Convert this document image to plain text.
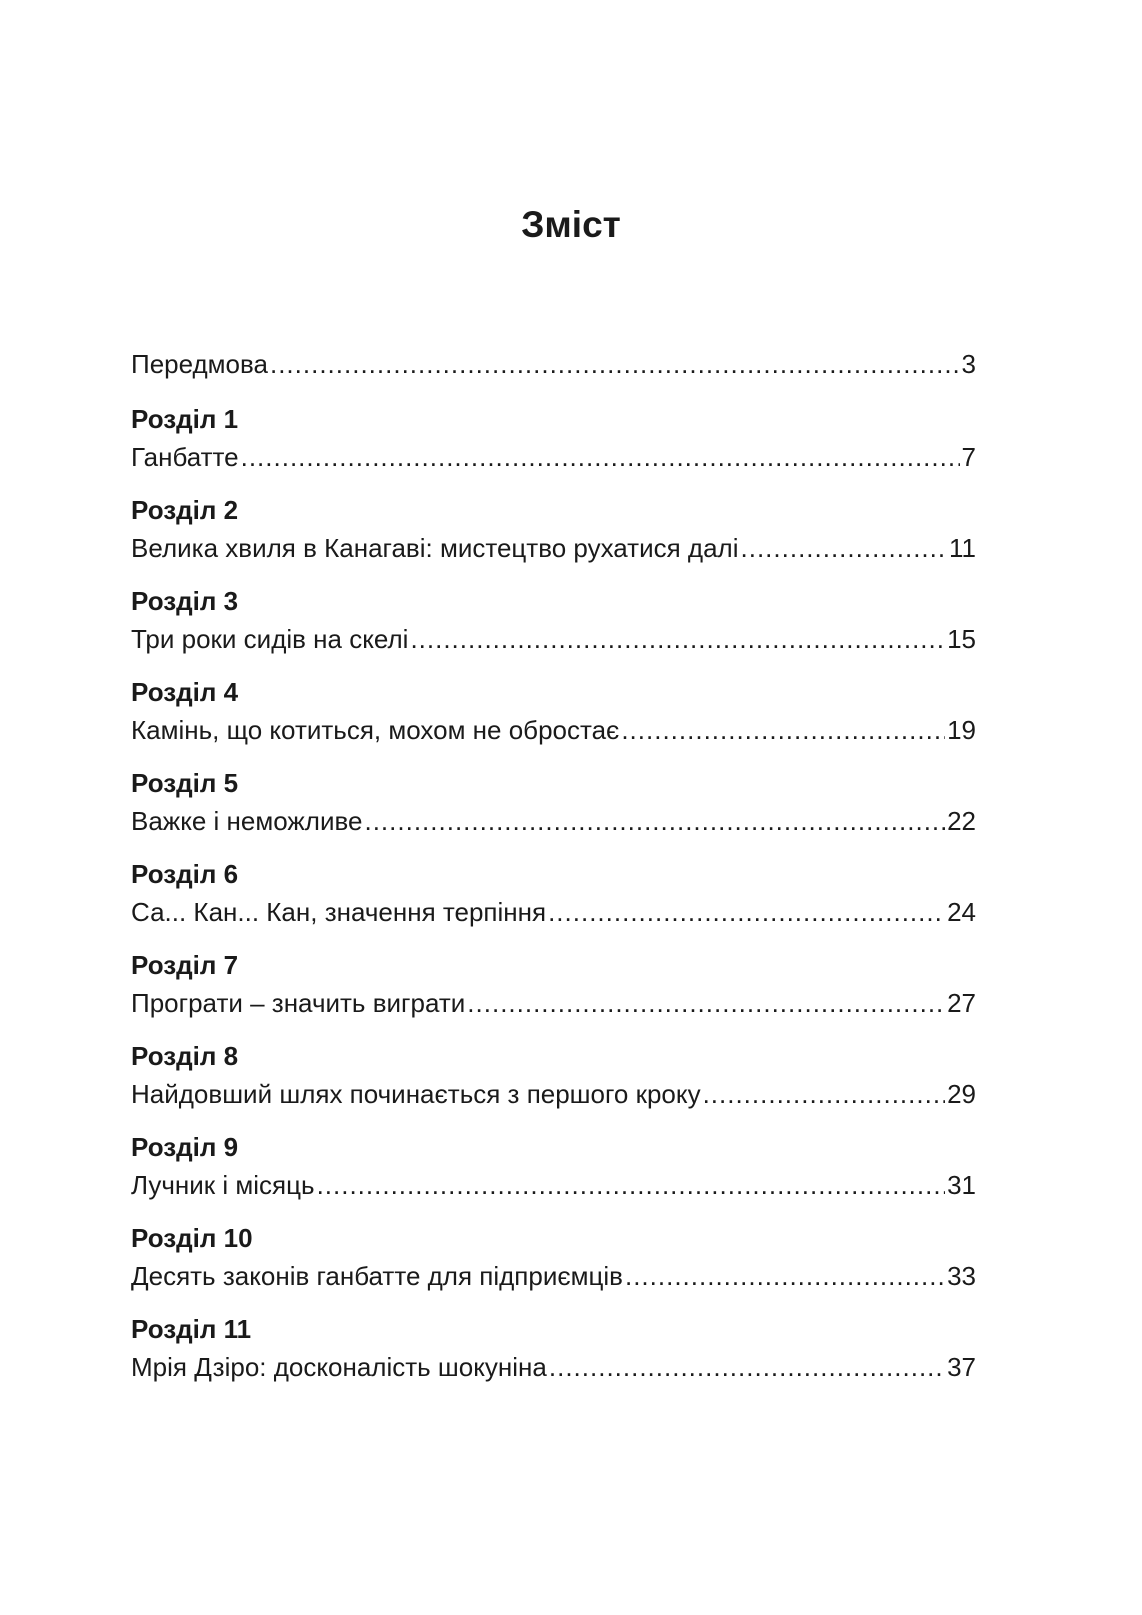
Зміст
Передмова .....	3
Розділ 1
Ганбатте .....	7
Розділ 2
Велика хвиля в Канагаві: мистецтво рухатися далі .....	11
Розділ 3
Три роки сидів на скелі .....	15
Розділ 4
Камінь, що котиться, мохом не обростає .....	19
Розділ 5
Важке і неможливе .....	22
Розділ 6
Са... Кан... Кан, значення терпіння .....	24
Розділ 7
Програти – значить виграти .....	27
Розділ 8
Найдовший шлях починається з першого кроку .....	29
Розділ 9
Лучник і місяць .....	31
Розділ 10
Десять законів ганбатте для підприємців .....	33
Розділ 11
Мрія Дзіро: досконалість шокуніна .....	37
